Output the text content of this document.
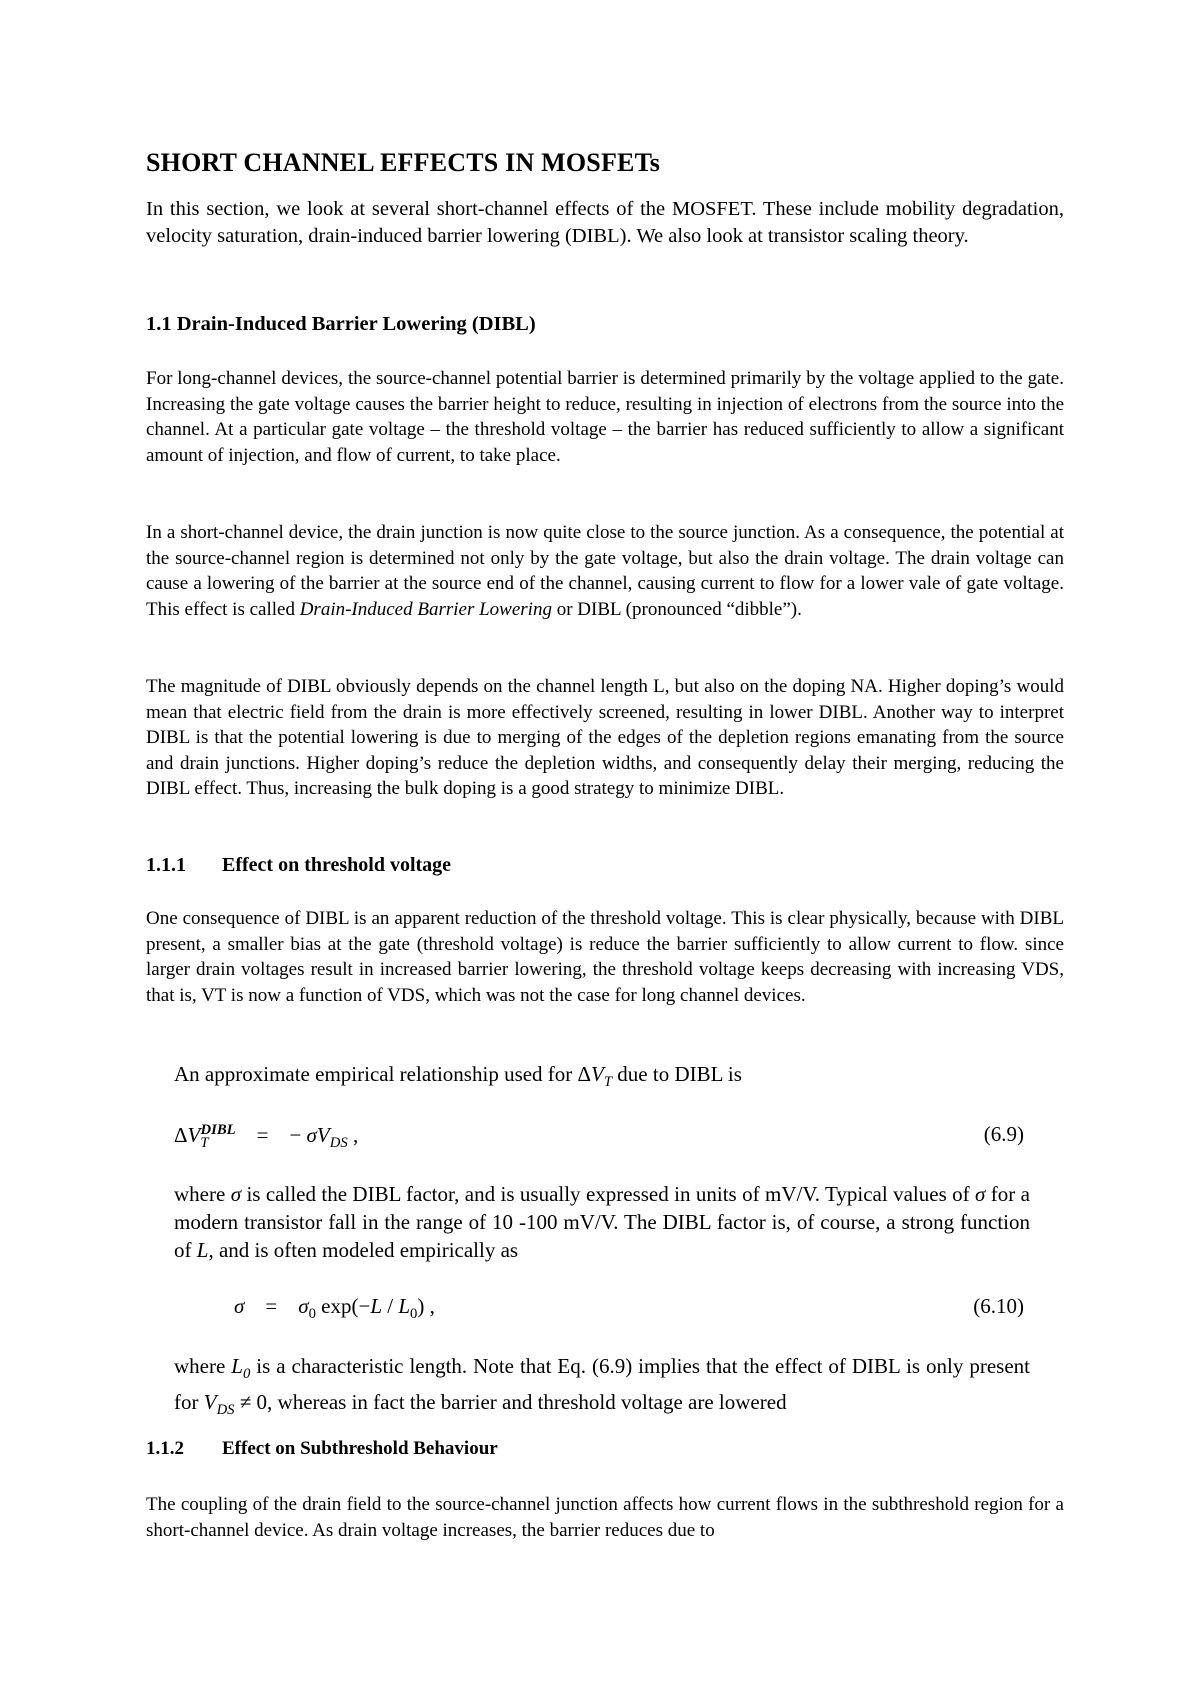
SHORT CHANNEL EFFECTS IN MOSFETs

In this section, we look at several short-channel effects of the MOSFET. These include mobility degradation, velocity saturation, drain-induced barrier lowering (DIBL). We also look at transistor scaling theory.

1.1 Drain-Induced Barrier Lowering (DIBL)

For long-channel devices, the source-channel potential barrier is determined primarily by the voltage applied to the gate. Increasing the gate voltage causes the barrier height to reduce, resulting in injection of electrons from the source into the channel. At a particular gate voltage – the threshold voltage – the barrier has reduced sufficiently to allow a significant amount of injection, and flow of current, to take place.

In a short-channel device, the drain junction is now quite close to the source junction. As a consequence, the potential at the source-channel region is determined not only by the gate voltage, but also the drain voltage. The drain voltage can cause a lowering of the barrier at the source end of the channel, causing current to flow for a lower vale of gate voltage. This effect is called Drain-Induced Barrier Lowering or DIBL (pronounced “dibble”).

The magnitude of DIBL obviously depends on the channel length L, but also on the doping NA. Higher doping’s would mean that electric field from the drain is more effectively screened, resulting in lower DIBL. Another way to interpret DIBL is that the potential lowering is due to merging of the edges of the depletion regions emanating from the source and drain junctions. Higher doping’s reduce the depletion widths, and consequently delay their merging, reducing the DIBL effect. Thus, increasing the bulk doping is a good strategy to minimize DIBL.

1.1.1 Effect on threshold voltage

One consequence of DIBL is an apparent reduction of the threshold voltage. This is clear physically, because with DIBL present, a smaller bias at the gate (threshold voltage) is reduce the barrier sufficiently to allow current to flow. since larger drain voltages result in increased barrier lowering, the threshold voltage keeps decreasing with increasing VDS, that is, VT is now a function of VDS, which was not the case for long channel devices.

An approximate empirical relationship used for $\Delta V_T$ due to DIBL is
$\Delta V_T^{DIBL}$    =    − $\sigma V_{DS}$ ,	(6.9)
where σ is called the DIBL factor, and is usually expressed in units of mV/V. Typical values of σ for a modern transistor fall in the range of 10 -100 mV/V. The DIBL factor is, of course, a strong function of L, and is often modeled empirically as
σ    =    $\sigma_0$ $\exp(-L / L_0)$ ,	(6.10)
where $L_0$ is a characteristic length. Note that Eq. (6.9) implies that the effect of DIBL is only present for $V_{DS} \ne 0$, whereas in fact the barrier and threshold voltage are lowered
1.1.2 Effect on Subthreshold Behaviour

The coupling of the drain field to the source-channel junction affects how current flows in the subthreshold region for a short-channel device. As drain voltage increases, the barrier reduces due to
